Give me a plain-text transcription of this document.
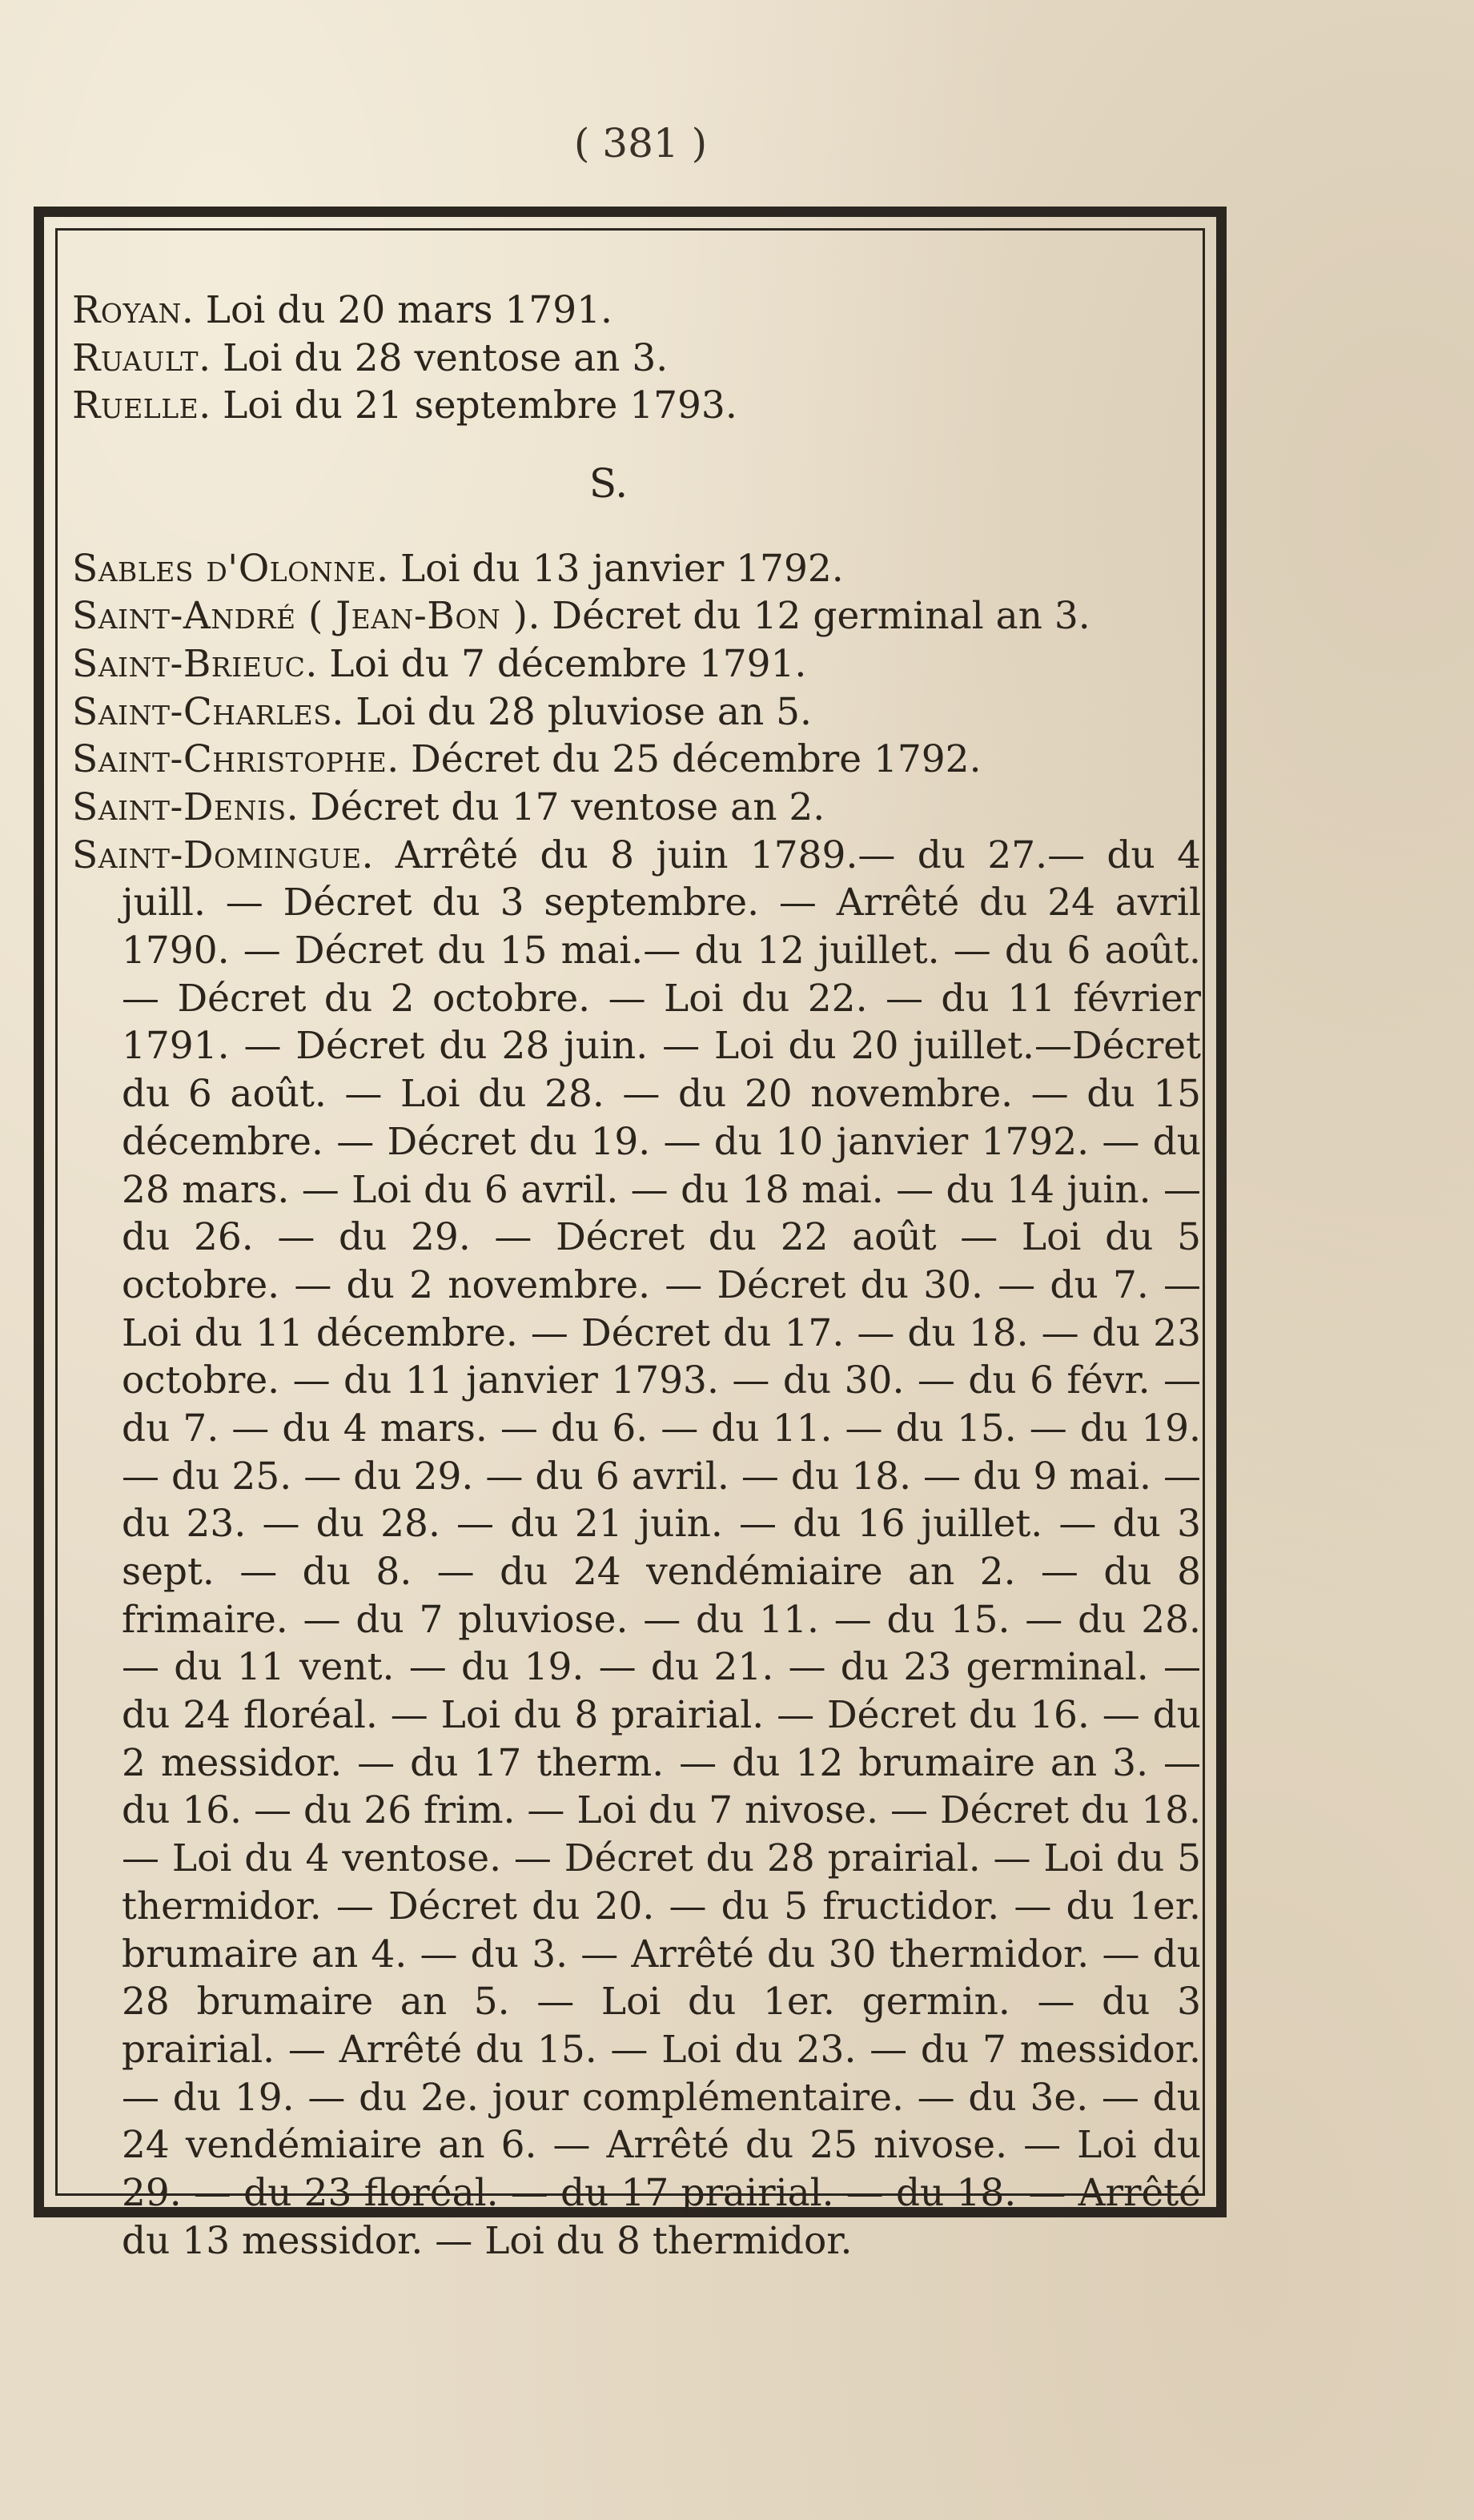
( 381 )

Royan. Loi du 20 mars 1791.

Ruault. Loi du 28 ventose an 3.

Ruelle. Loi du 21 septembre 1793.

S.

Sables d'Olonne. Loi du 13 janvier 1792.

Saint-André ( Jean-Bon ). Décret du 12 germinal an 3.

Saint-Brieuc. Loi du 7 décembre 1791.

Saint-Charles. Loi du 28 pluviose an 5.

Saint-Christophe. Décret du 25 décembre 1792.

Saint-Denis. Décret du 17 ventose an 2.

Saint-Domingue. Arrêté du 8 juin 1789.— du 27.— du 4 juill. — Décret du 3 septembre. — Arrêté du 24 avril 1790. — Décret du 15 mai.— du 12 juillet. — du 6 août. — Décret du 2 octobre. — Loi du 22. — du 11 février 1791. — Décret du 28 juin. — Loi du 20 juillet.—Décret du 6 août. — Loi du 28. — du 20 novembre. — du 15 décembre. — Décret du 19. — du 10 janvier 1792. — du 28 mars. — Loi du 6 avril. — du 18 mai. — du 14 juin. — du 26. — du 29. — Décret du 22 août — Loi du 5 octobre. — du 2 novembre. — Décret du 30. — du 7. — Loi du 11 décembre. — Décret du 17. — du 18. — du 23 octobre. — du 11 janvier 1793. — du 30. — du 6 févr. — du 7. — du 4 mars. — du 6. — du 11. — du 15. — du 19. — du 25. — du 29. — du 6 avril. — du 18. — du 9 mai. — du 23. — du 28. — du 21 juin. — du 16 juillet. — du 3 sept. — du 8. — du 24 vendémiaire an 2. — du 8 frimaire. — du 7 pluviose. — du 11. — du 15. — du 28. — du 11 vent. — du 19. — du 21. — du 23 germinal. — du 24 floréal. — Loi du 8 prairial. — Décret du 16. — du 2 messidor. — du 17 therm. — du 12 brumaire an 3. — du 16. — du 26 frim. — Loi du 7 nivose. — Décret du 18. — Loi du 4 ventose. — Décret du 28 prairial. — Loi du 5 thermidor. — Décret du 20. — du 5 fructidor. — du 1er. brumaire an 4. — du 3. — Arrêté du 30 thermidor. — du 28 brumaire an 5. — Loi du 1er. germin. — du 3 prairial. — Arrêté du 15. — Loi du 23. — du 7 messidor. — du 19. — du 2e. jour complémentaire. — du 3e. — du 24 vendémiaire an 6. — Arrêté du 25 nivose. — Loi du 29. — du 23 floréal. — du 17 prairial. — du 18. — Arrêté du 13 messidor. — Loi du 8 thermidor.
